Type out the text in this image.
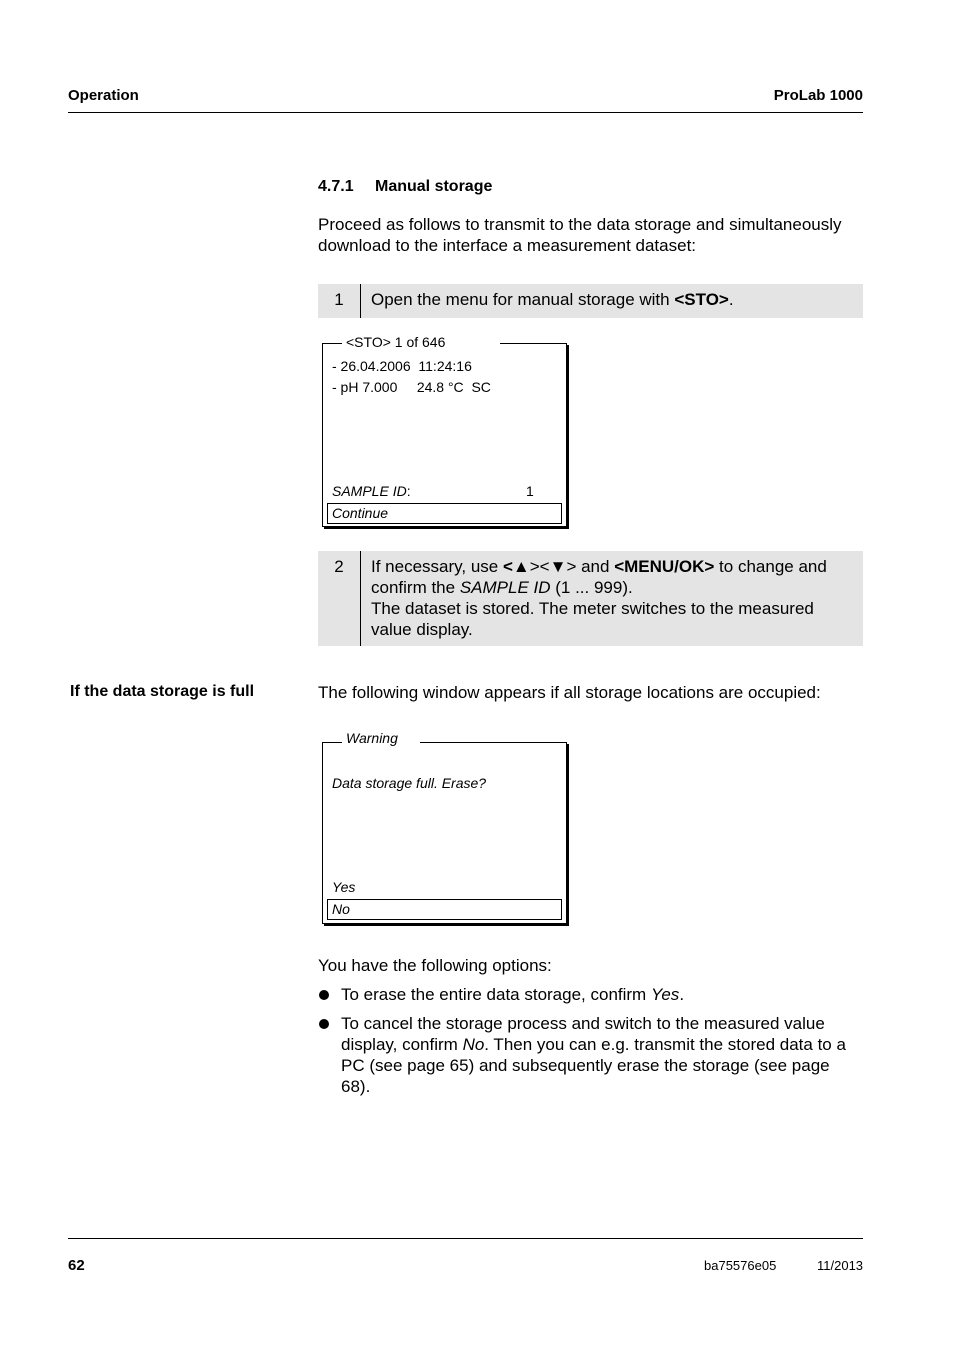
Operation	ProLab 1000
4.7.1 Manual storage
Proceed as follows to transmit to the data storage and simultaneously download to the interface a measurement dataset:
1	Open the menu for manual storage with <STO>.
<STO> 1 of 646
- 26.04.2006  11:24:16
- pH 7.000     24.8 °C  SC
SAMPLE ID:	1
Continue
2	If necessary, use <▲><▼> and <MENU/OK> to change and confirm the SAMPLE ID (1 ... 999).
The dataset is stored. The meter switches to the measured value display.
If the data storage is full	The following window appears if all storage locations are occupied:
Warning
Data storage full. Erase?
Yes
No
You have the following options:
To erase the entire data storage, confirm Yes.
To cancel the storage process and switch to the measured value display, confirm No. Then you can e.g. transmit the stored data to a PC (see page 65) and subsequently erase the storage (see page 68).
62	ba75576e05	11/2013
